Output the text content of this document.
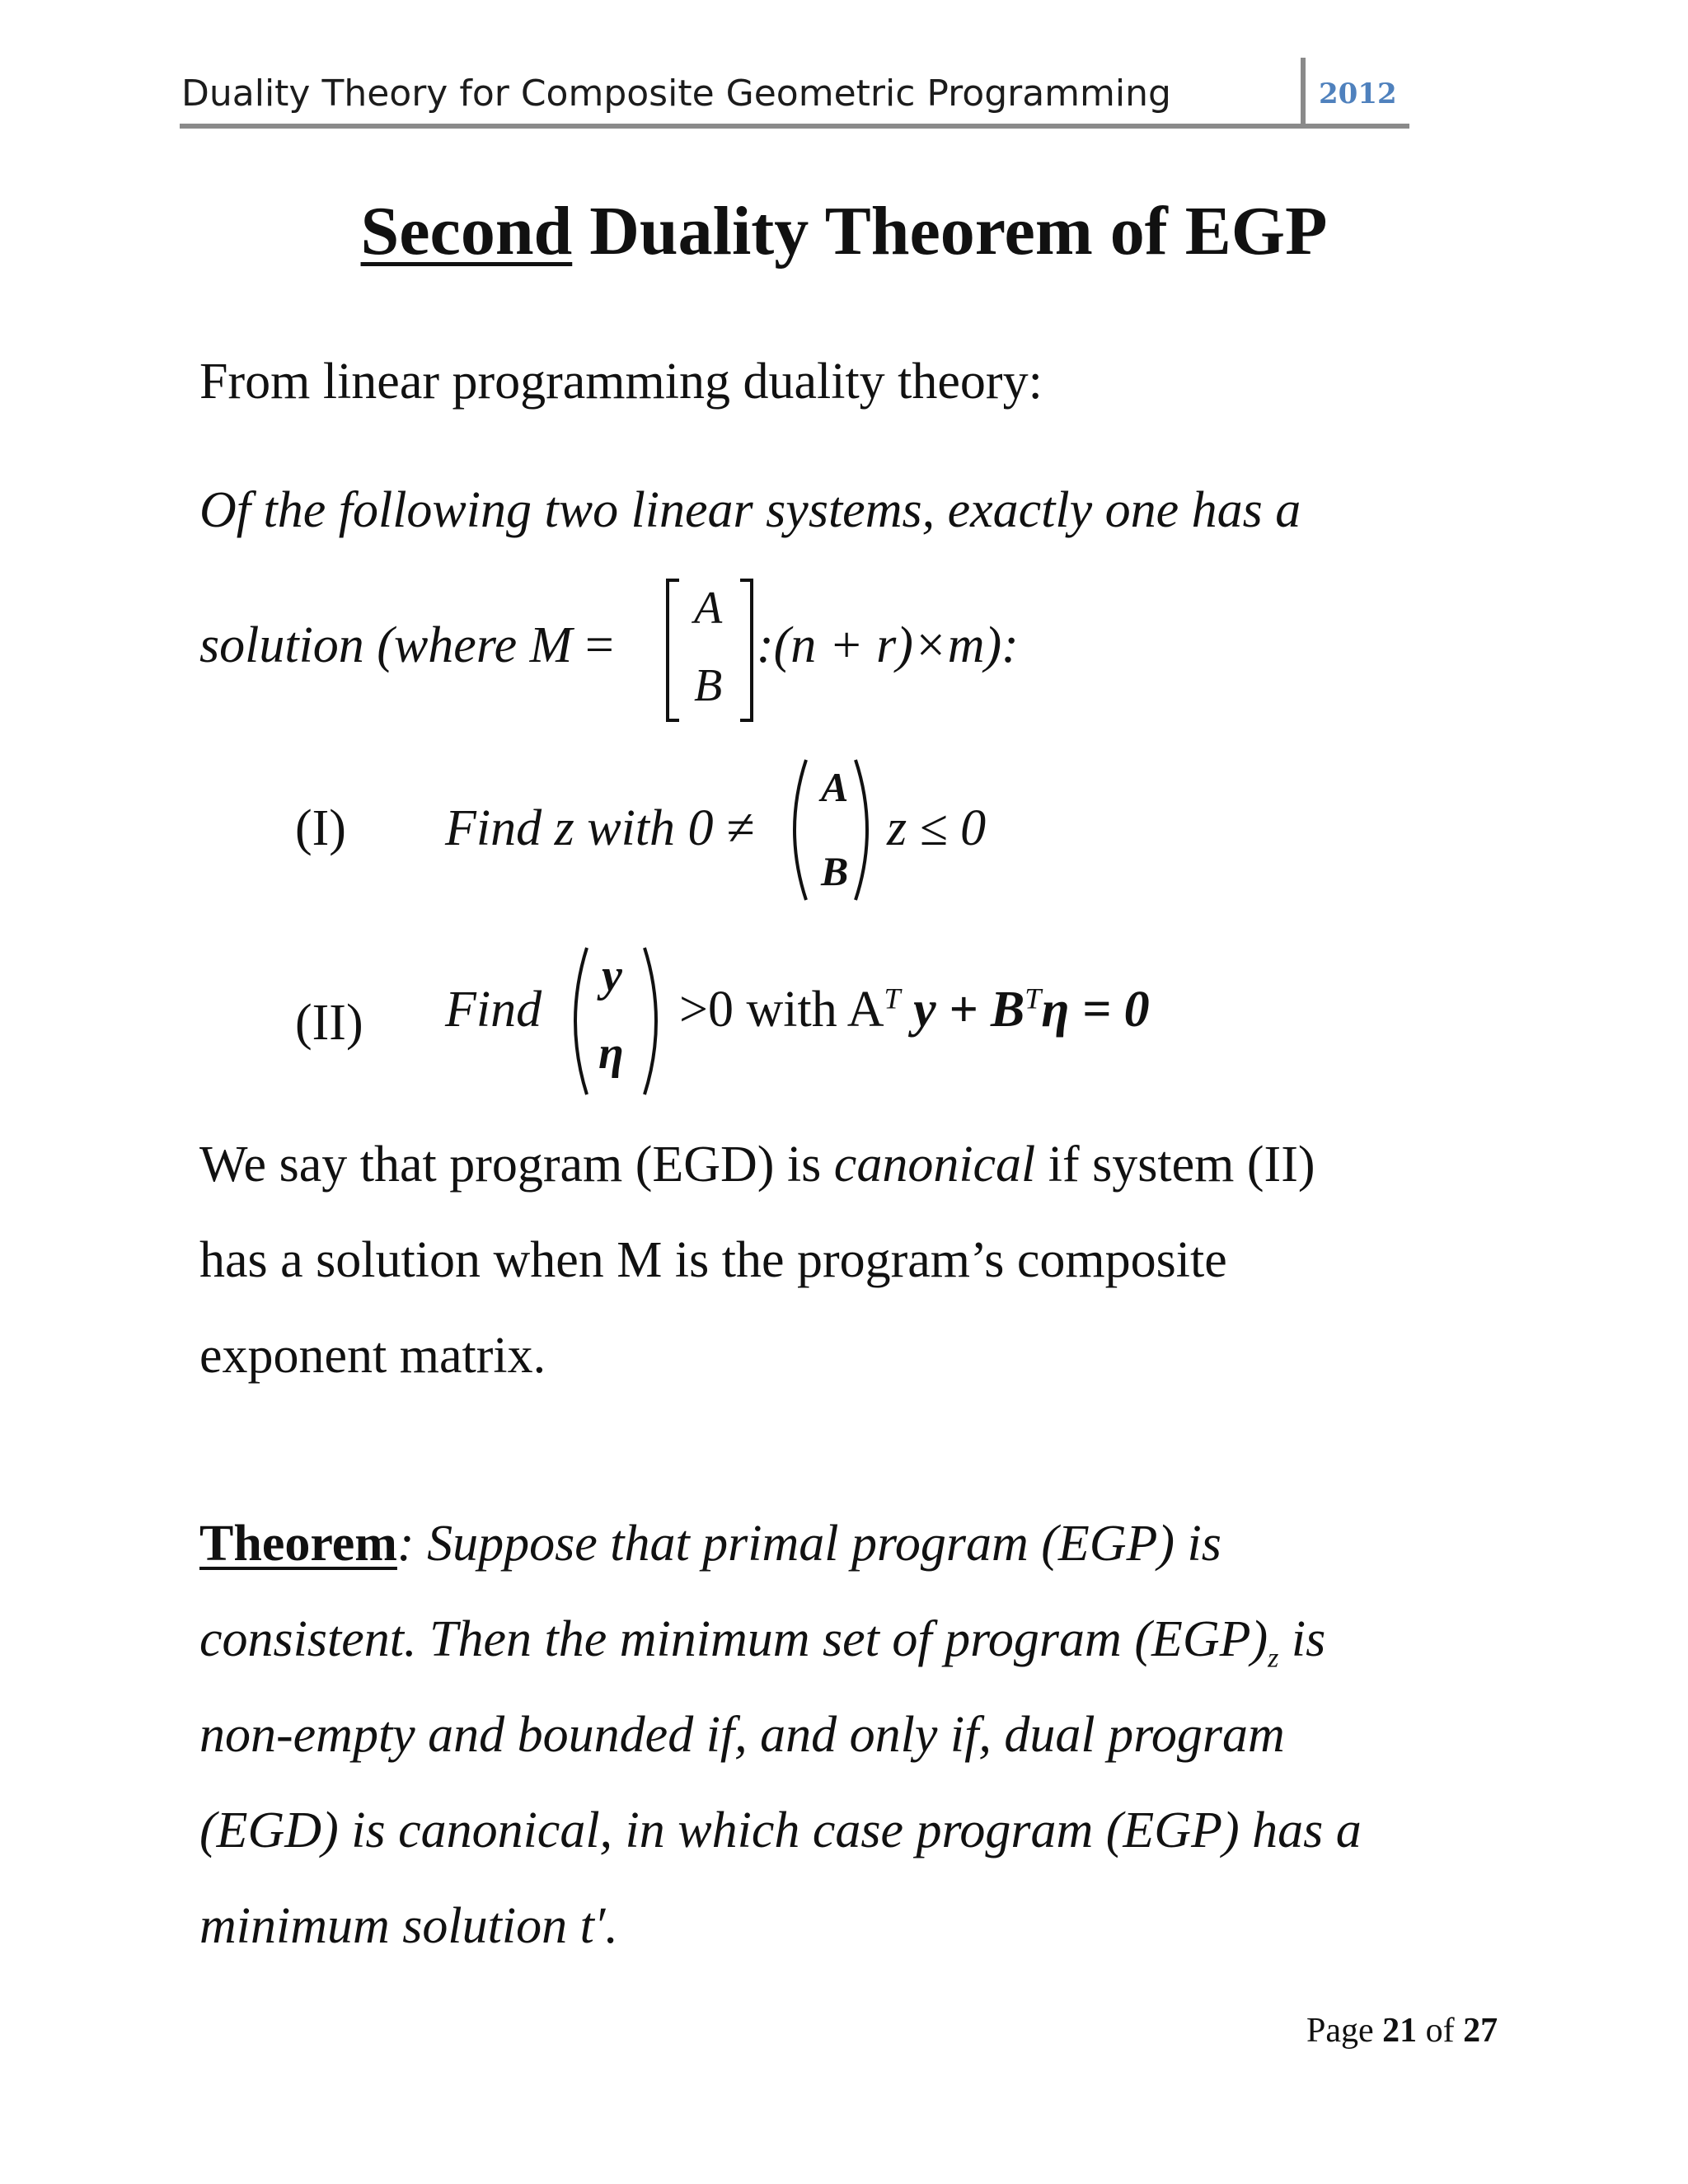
Duality Theory for Composite Geometric Programming	2012
Second Duality Theorem of EGP
From linear programming duality theory:
Of the following two linear systems, exactly one has a
solution (where M =
A
B
:(n + r)×m):
(I) Find z with 0 ≠
A
B
z ≤ 0
(II) Find
y
η
>0 with $A^T$ $y + B^T\eta = 0$
We say that program (EGD) is canonical if system (II)
has a solution when M is the program’s composite
exponent matrix.
Theorem: Suppose that primal program (EGP) is
consistent. Then the minimum set of program $(EGP)_z$ is
non-empty and bounded if, and only if, dual program
(EGD) is canonical, in which case program (EGP) has a
minimum solution t′.
Page 21 of 27
